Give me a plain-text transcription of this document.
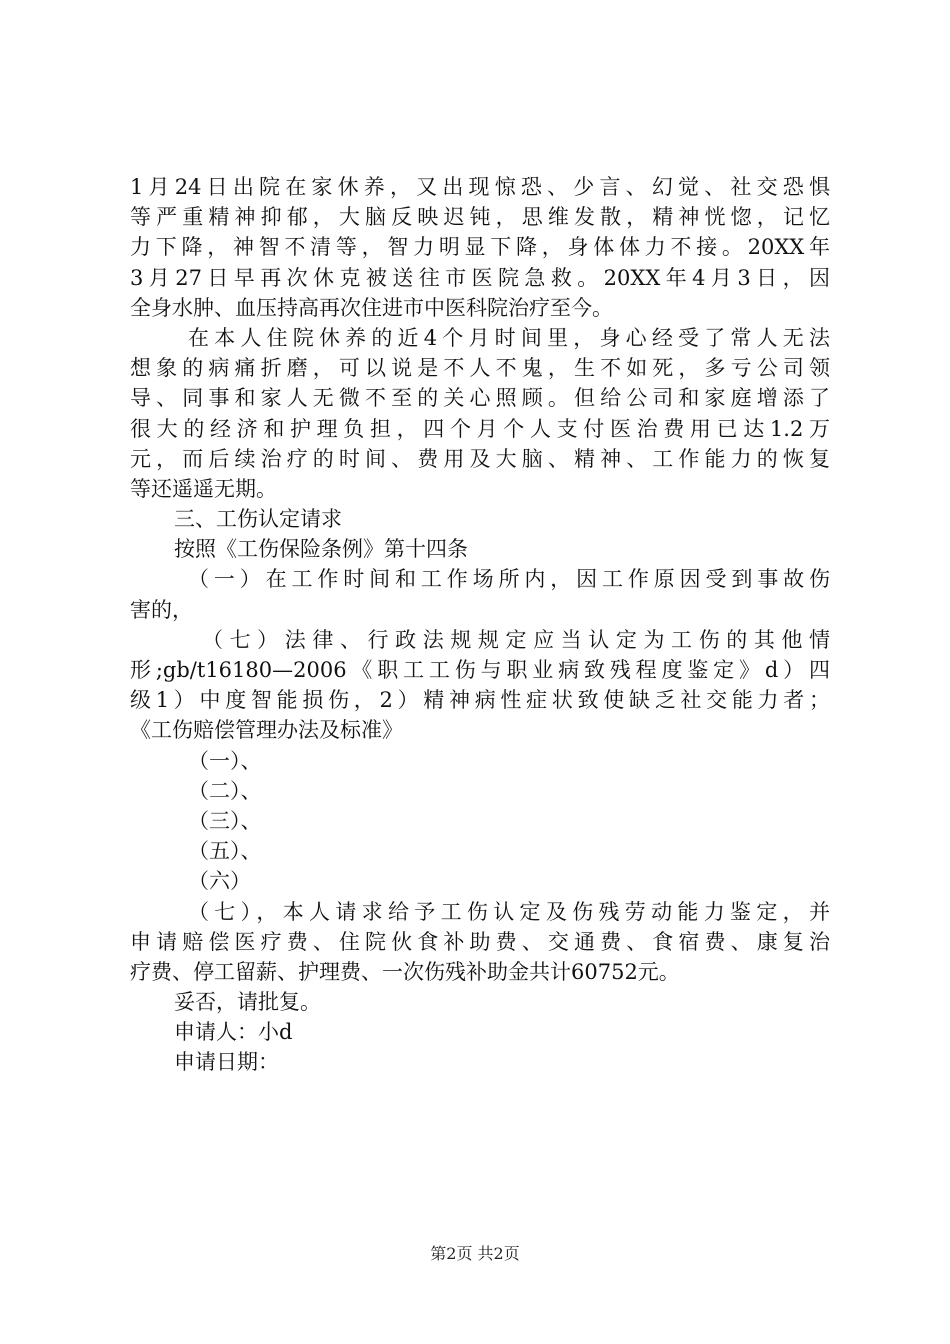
1月24日出院在家休养，又出现惊恐、少言、幻觉、社交恐惧
等严重精神抑郁，大脑反映迟钝，思维发散，精神恍惚，记忆
力下降，神智不清等，智力明显下降，身体体力不接。20XX年
3月27日早再次休克被送往市医院急救。20XX年4月3日，因
全身水肿、血压持高再次住进市中医科院治疗至今。
在本人住院休养的近4个月时间里，身心经受了常人无法
想象的病痛折磨，可以说是不人不鬼，生不如死，多亏公司领
导、同事和家人无微不至的关心照顾。但给公司和家庭增添了
很大的经济和护理负担，四个月个人支付医治费用已达1.2万
元，而后续治疗的时间、费用及大脑、精神、工作能力的恢复
等还遥遥无期。
三、工伤认定请求
按照《工伤保险条例》第十四条
（一）在工作时间和工作场所内，因工作原因受到事故伤
害的，
（七）法律、行政法规规定应当认定为工伤的其他情
形;gb/t16180—2006《职工工伤与职业病致残程度鉴定》d）四
级1）中度智能损伤，2）精神病性症状致使缺乏社交能力者；
《工伤赔偿管理办法及标准》
（一）、
（二）、
（三）、
（五）、
（六）
（七），本人请求给予工伤认定及伤残劳动能力鉴定，并
申请赔偿医疗费、住院伙食补助费、交通费、食宿费、康复治
疗费、停工留薪、护理费、一次伤残补助金共计60752元。
妥否，请批复。
申请人：小d
申请日期：
第2页 共2页
